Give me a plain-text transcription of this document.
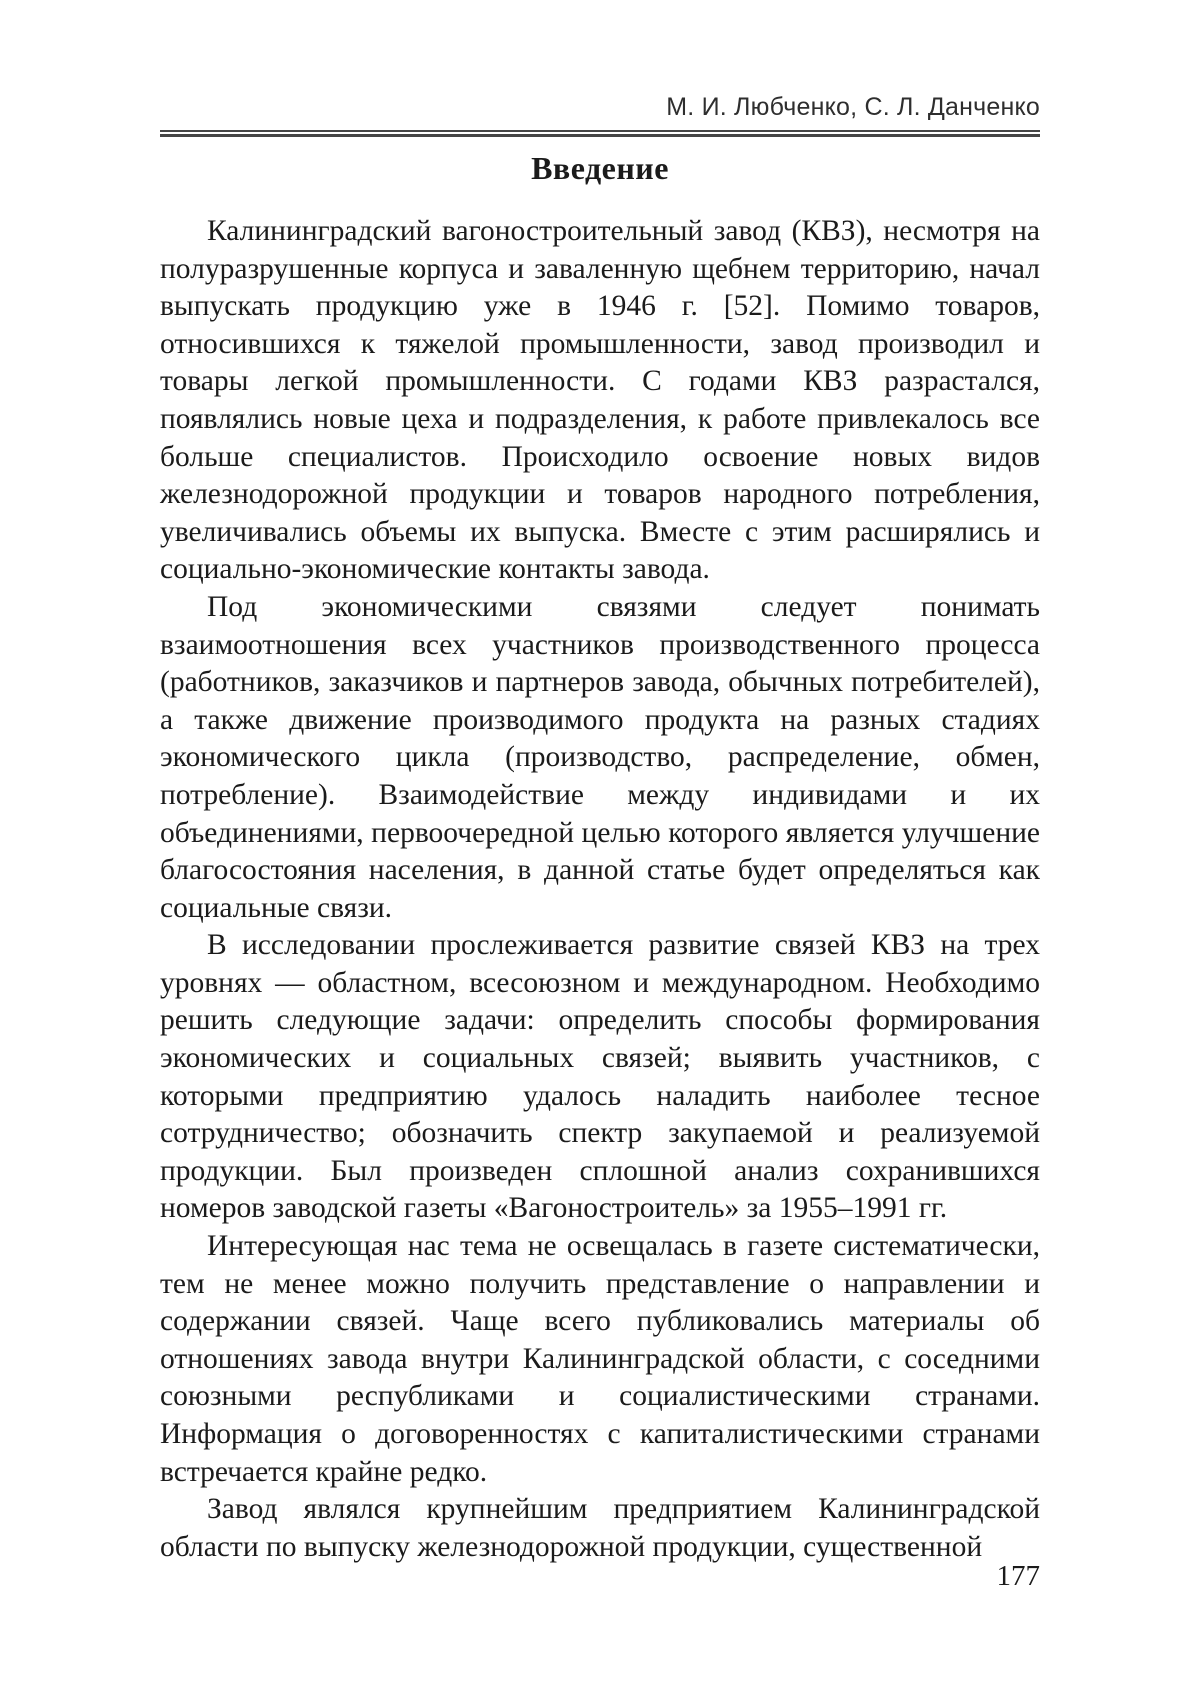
М. И. Любченко, С. Л. Данченко
Введение

Калининградский вагоностроительный завод (КВЗ), несмотря на полуразрушенные корпуса и заваленную щебнем территорию, начал выпускать продукцию уже в 1946 г. [52]. Помимо товаров, относившихся к тяжелой промышленности, завод производил и товары легкой промышленности. С годами КВЗ разрастался, появлялись новые цеха и подразделения, к работе привлекалось все больше специалистов. Происходило освоение новых видов железнодорожной продукции и товаров народного потребления, увеличивались объемы их выпуска. Вместе с этим расширялись и социально-экономические контакты завода.

Под экономическими связями следует понимать взаимоотношения всех участников производственного процесса (работников, заказчиков и партнеров завода, обычных потребителей), а также движение производимого продукта на разных стадиях экономического цикла (производство, распределение, обмен, потребление). Взаимодействие между индивидами и их объединениями, первоочередной целью которого является улучшение благосостояния населения, в данной статье будет определяться как социальные связи.

В исследовании прослеживается развитие связей КВЗ на трех уровнях — областном, всесоюзном и международном. Необходимо решить следующие задачи: определить способы формирования экономических и социальных связей; выявить участников, с которыми предприятию удалось наладить наиболее тесное сотрудничество; обозначить спектр закупаемой и реализуемой продукции. Был произведен сплошной анализ сохранившихся номеров заводской газеты «Вагоностроитель» за 1955–1991 гг.

Интересующая нас тема не освещалась в газете систематически, тем не менее можно получить представление о направлении и содержании связей. Чаще всего публиковались материалы об отношениях завода внутри Калининградской области, с соседними союзными республиками и социалистическими странами. Информация о договоренностях с капиталистическими странами встречается крайне редко.

Завод являлся крупнейшим предприятием Калининградской области по выпуску железнодорожной продукции, существенной

177
